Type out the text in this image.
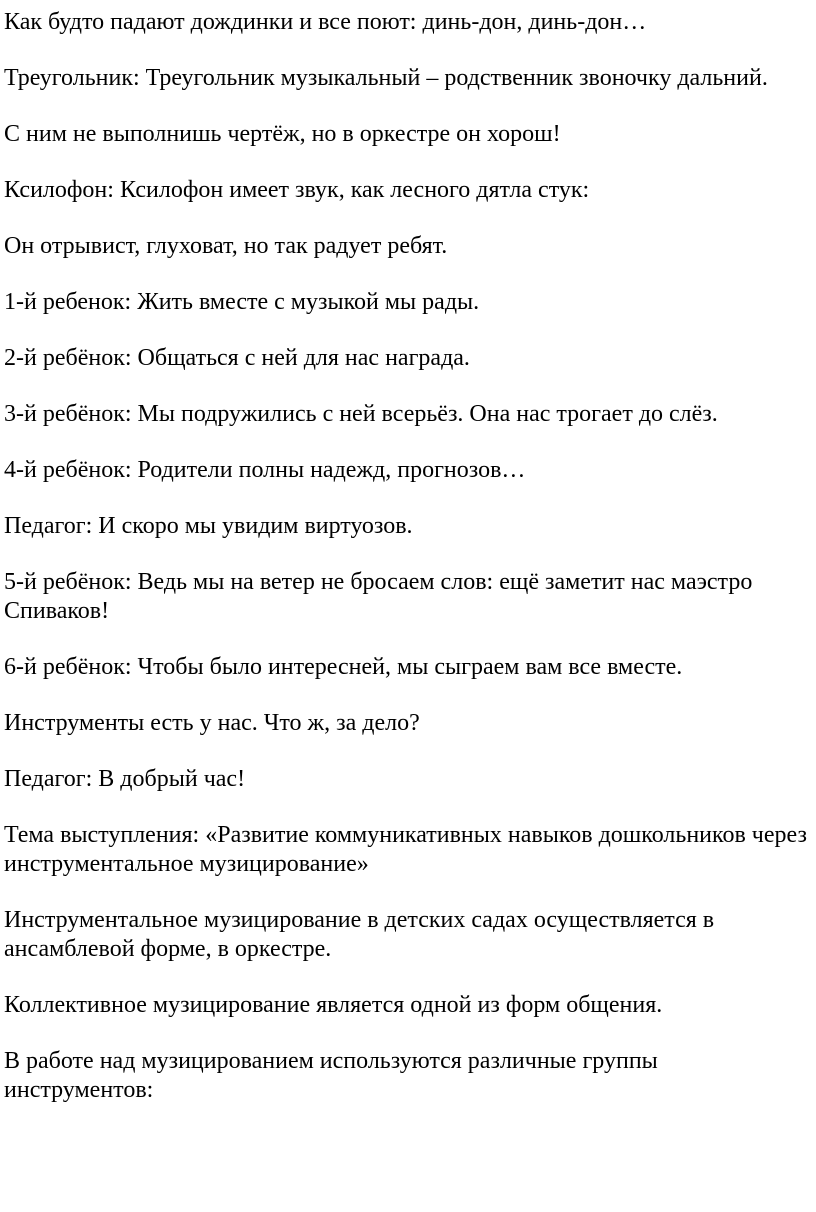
Как будто падают дождинки и все поют: динь-дон, динь-дон…

Треугольник: Треугольник музыкальный – родственник звоночку дальний.

С ним не выполнишь чертёж, но в оркестре он хорош!

Ксилофон: Ксилофон имеет звук, как лесного дятла стук:

Он отрывист, глуховат, но так радует ребят.

1-й ребенок: Жить вместе с музыкой мы рады.

2-й ребёнок: Общаться с ней для нас награда.

3-й ребёнок: Мы подружились с ней всерьёз. Она нас трогает до слёз.

4-й ребёнок: Родители полны надежд, прогнозов…

Педагог: И скоро мы увидим виртуозов.

5-й ребёнок: Ведь мы на ветер не бросаем слов: ещё заметит нас маэстро Спиваков!

6-й ребёнок: Чтобы было интересней, мы сыграем вам все вместе.

Инструменты есть у нас. Что ж, за дело?

Педагог: В добрый час!

Тема выступления: «Развитие коммуникативных навыков дошкольников через инструментальное музицирование»

Инструментальное музицирование в детских садах осуществляется в ансамблевой форме, в оркестре.

Коллективное музицирование является одной из форм общения.

В работе над музицированием используются различные группы инструментов:
